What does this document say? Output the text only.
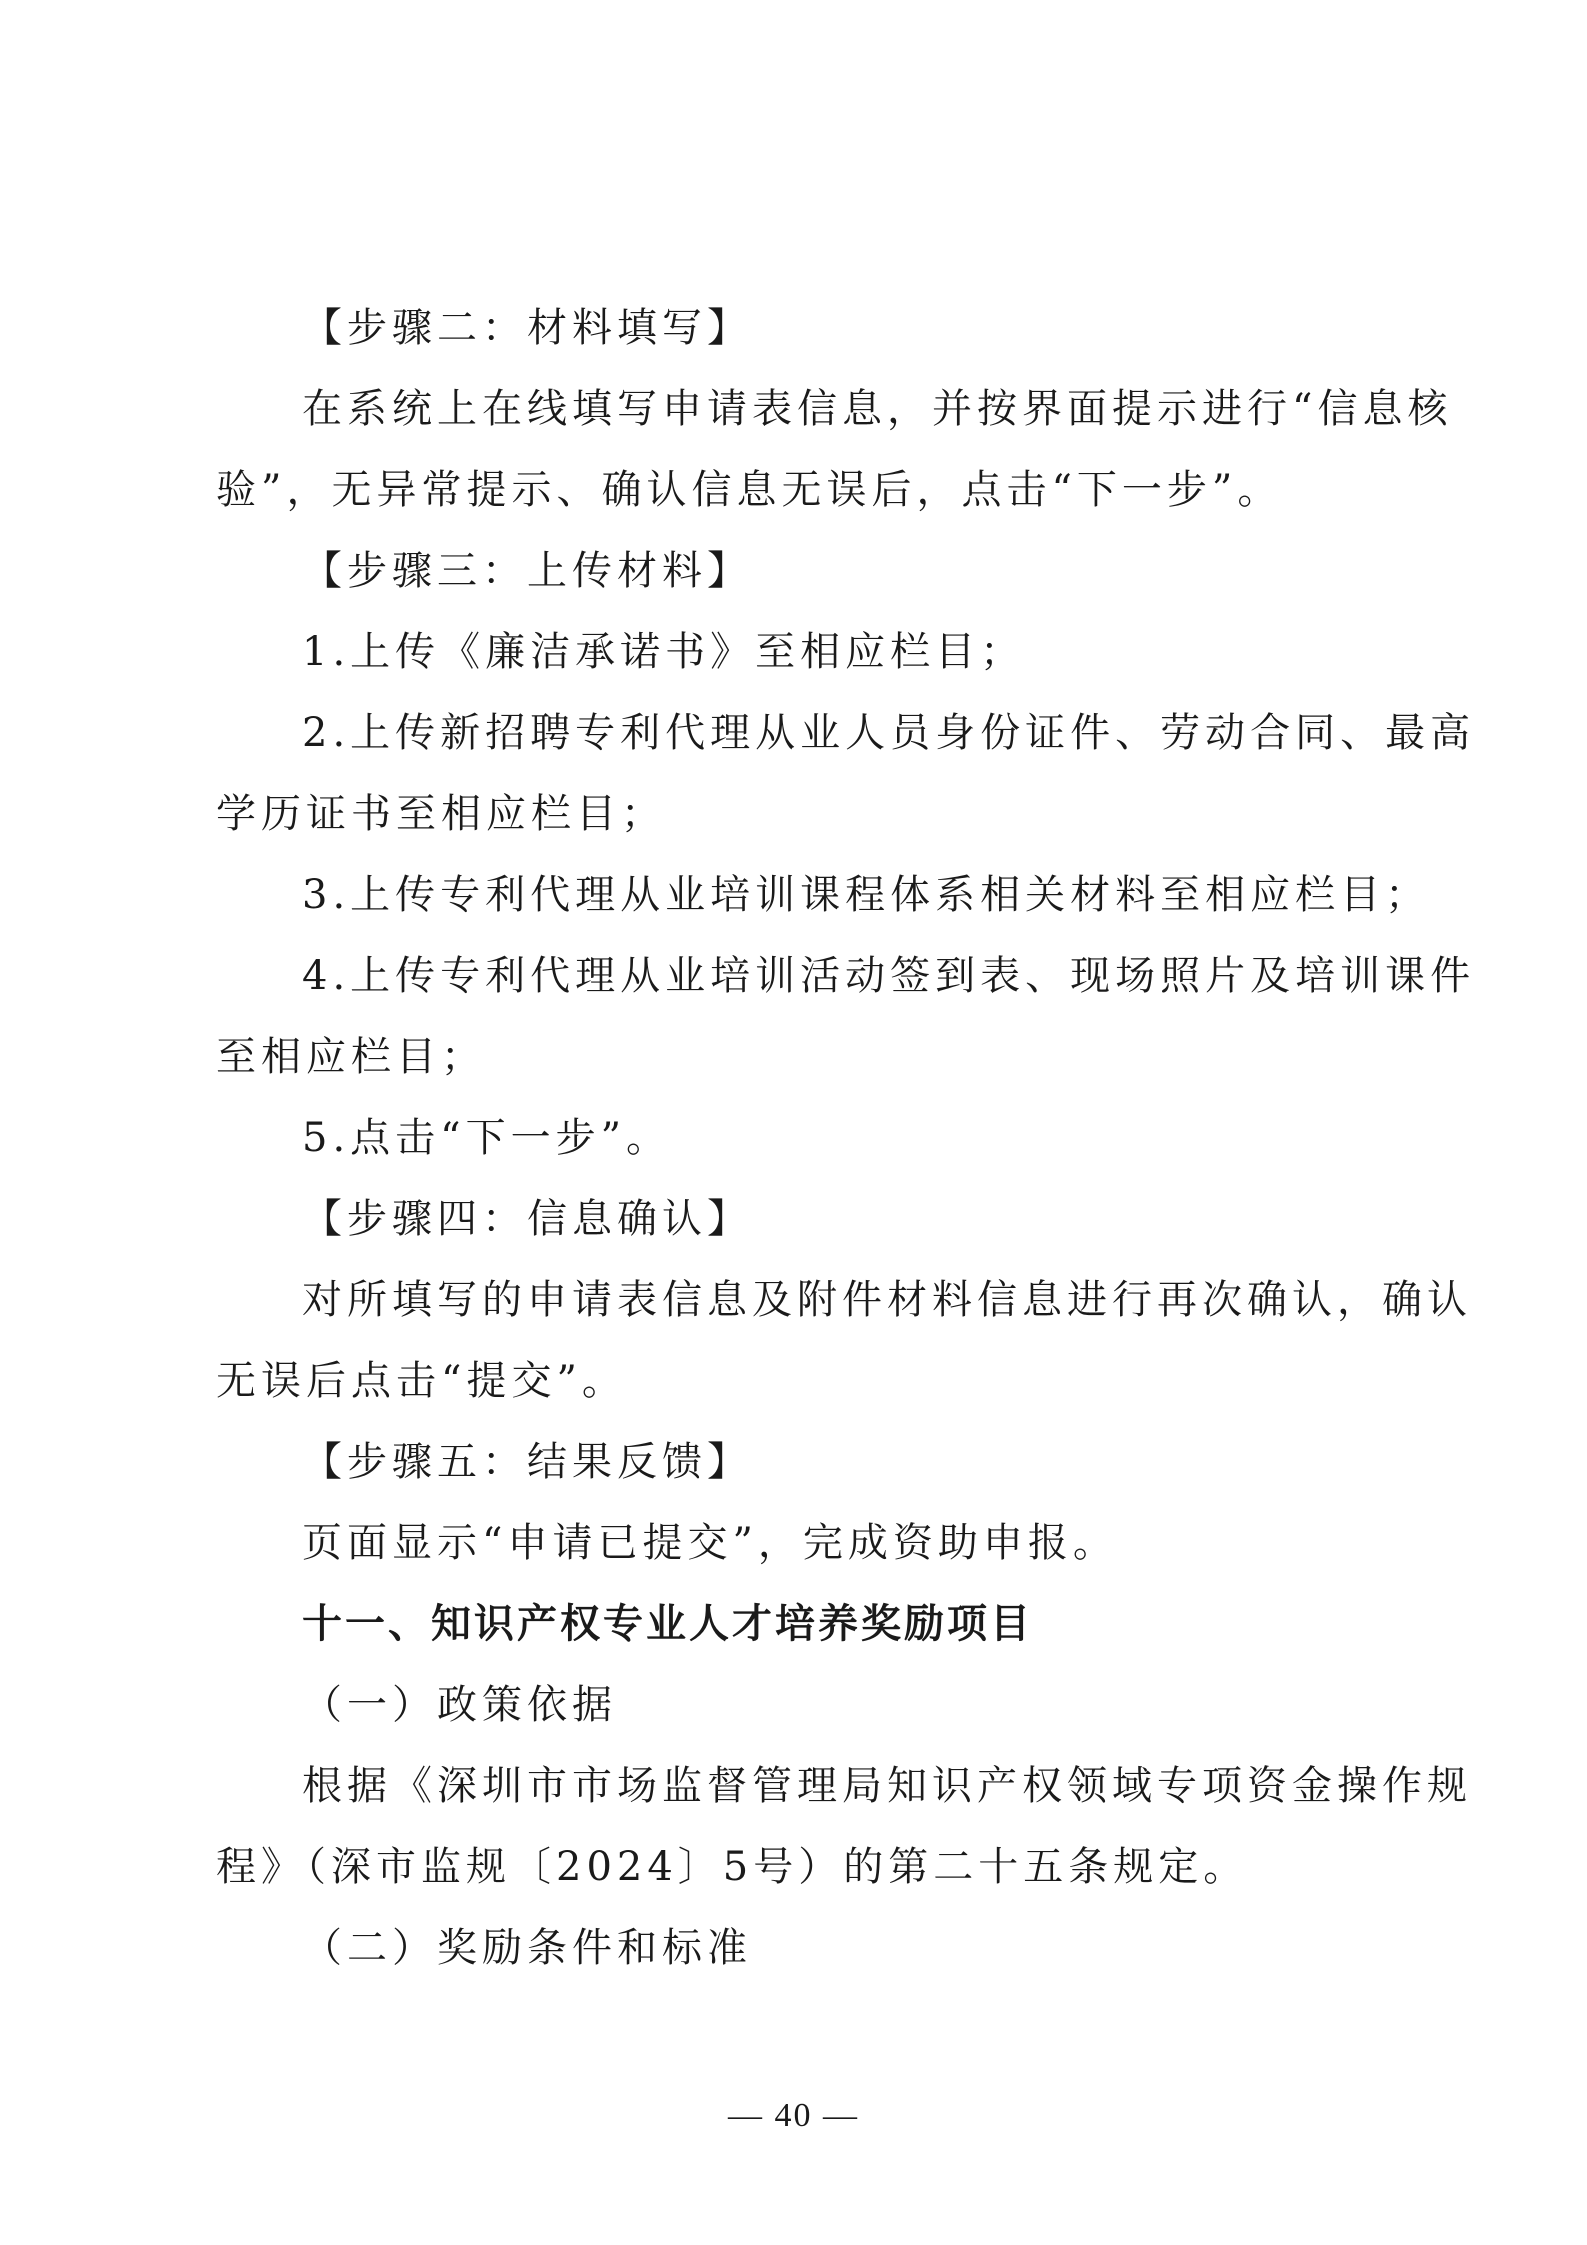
【步骤二：材料填写】
在系统上在线填写申请表信息，并按界面提示进行“信息核
验”，无异常提示、确认信息无误后，点击“下一步”。
【步骤三：上传材料】
1.上传《廉洁承诺书》至相应栏目；
2.上传新招聘专利代理从业人员身份证件、劳动合同、最高
学历证书至相应栏目；
3.上传专利代理从业培训课程体系相关材料至相应栏目；
4.上传专利代理从业培训活动签到表、现场照片及培训课件
至相应栏目；
5.点击“下一步”。
【步骤四：信息确认】
对所填写的申请表信息及附件材料信息进行再次确认，确认
无误后点击“提交”。
【步骤五：结果反馈】
页面显示“申请已提交”，完成资助申报。
十一、知识产权专业人才培养奖励项目
（一）政策依据
根据《深圳市市场监督管理局知识产权领域专项资金操作规
程》（深市监规〔2024〕5号）的第二十五条规定。
（二）奖励条件和标准
— 40 —
